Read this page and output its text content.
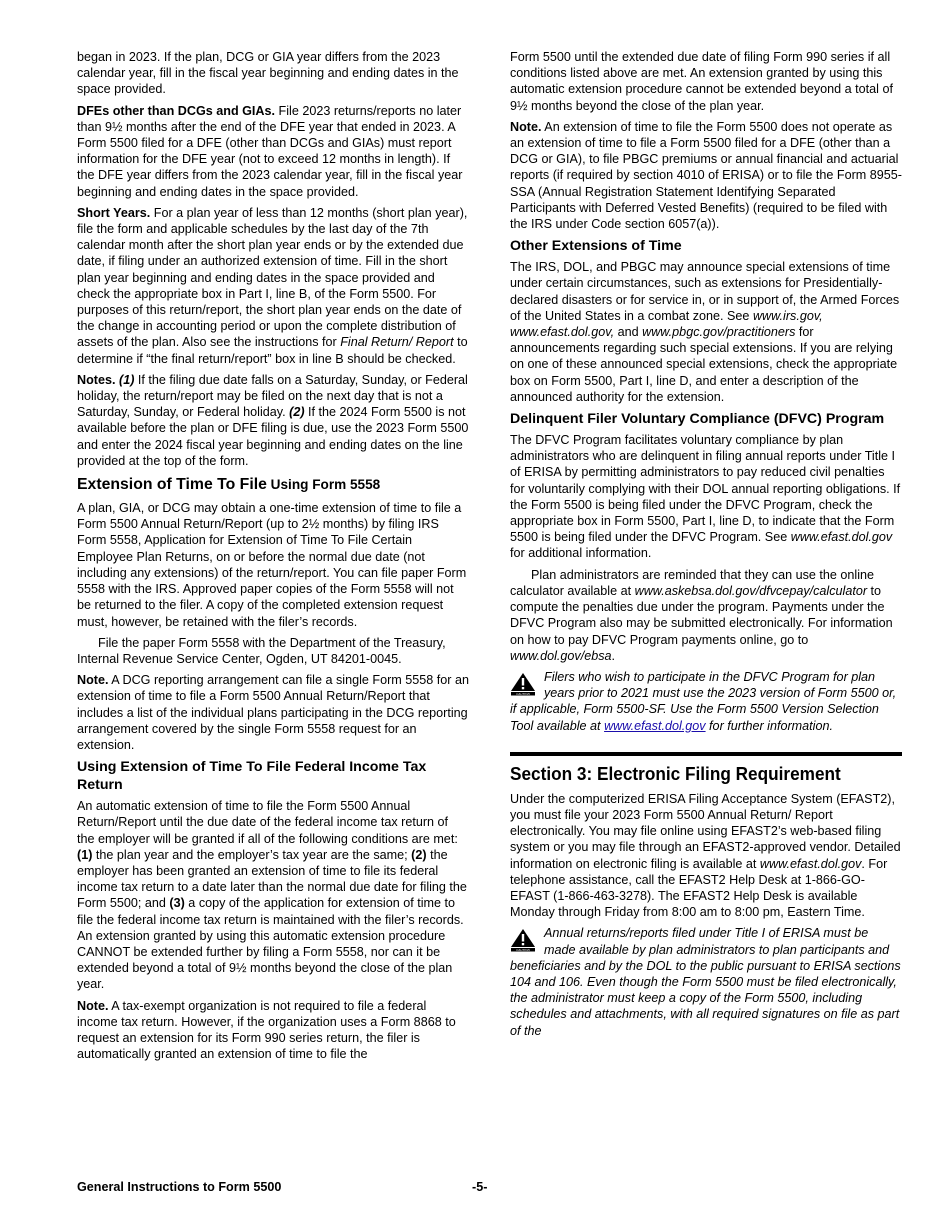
began in 2023. If the plan, DCG or GIA year differs from the 2023 calendar year, fill in the fiscal year beginning and ending dates in the space provided.

DFEs other than DCGs and GIAs. File 2023 returns/reports no later than 9½ months after the end of the DFE year that ended in 2023. A Form 5500 filed for a DFE (other than DCGs and GIAs) must report information for the DFE year (not to exceed 12 months in length). If the DFE year differs from the 2023 calendar year, fill in the fiscal year beginning and ending dates in the space provided.

Short Years. For a plan year of less than 12 months (short plan year), file the form and applicable schedules by the last day of the 7th calendar month after the short plan year ends or by the extended due date, if filing under an authorized extension of time. Fill in the short plan year beginning and ending dates in the space provided and check the appropriate box in Part I, line B, of the Form 5500. For purposes of this return/report, the short plan year ends on the date of the change in accounting period or upon the complete distribution of assets of the plan. Also see the instructions for Final Return/ Report to determine if “the final return/report” box in line B should be checked.

Notes. (1) If the filing due date falls on a Saturday, Sunday, or Federal holiday, the return/report may be filed on the next day that is not a Saturday, Sunday, or Federal holiday. (2) If the 2024 Form 5500 is not available before the plan or DFE filing is due, use the 2023 Form 5500 and enter the 2024 fiscal year beginning and ending dates on the line provided at the top of the form.

Extension of Time To File Using Form 5558

A plan, GIA, or DCG may obtain a one-time extension of time to file a Form 5500 Annual Return/Report (up to 2½ months) by filing IRS Form 5558, Application for Extension of Time To File Certain Employee Plan Returns, on or before the normal due date (not including any extensions) of the return/report. You can file paper Form 5558 with the IRS. Approved paper copies of the Form 5558 will not be returned to the filer. A copy of the completed extension request must, however, be retained with the filer’s records.

File the paper Form 5558 with the Department of the Treasury, Internal Revenue Service Center, Ogden, UT 84201-0045.

Note. A DCG reporting arrangement can file a single Form 5558 for an extension of time to file a Form 5500 Annual Return/Report that includes a list of the individual plans participating in the DCG reporting arrangement covered by the single Form 5558 request for an extension.

Using Extension of Time To File Federal Income Tax Return

An automatic extension of time to file the Form 5500 Annual Return/Report until the due date of the federal income tax return of the employer will be granted if all of the following conditions are met: (1) the plan year and the employer’s tax year are the same; (2) the employer has been granted an extension of time to file its federal income tax return to a date later than the normal due date for filing the Form 5500; and (3) a copy of the application for extension of time to file the federal income tax return is maintained with the filer’s records. An extension granted by using this automatic extension procedure CANNOT be extended further by filing a Form 5558, nor can it be extended beyond a total of 9½ months beyond the close of the plan year.

Note. A tax-exempt organization is not required to file a federal income tax return. However, if the organization uses a Form 8868 to request an extension for its Form 990 series return, the filer is automatically granted an extension of time to file the

Form 5500 until the extended due date of filing Form 990 series if all conditions listed above are met. An extension granted by using this automatic extension procedure cannot be extended beyond a total of 9½ months beyond the close of the plan year.

Note. An extension of time to file the Form 5500 does not operate as an extension of time to file a Form 5500 filed for a DFE (other than a DCG or GIA), to file PBGC premiums or annual financial and actuarial reports (if required by section 4010 of ERISA) or to file the Form 8955-SSA (Annual Registration Statement Identifying Separated Participants with Deferred Vested Benefits) (required to be filed with the IRS under Code section 6057(a)).

Other Extensions of Time

The IRS, DOL, and PBGC may announce special extensions of time under certain circumstances, such as extensions for Presidentially-declared disasters or for service in, or in support of, the Armed Forces of the United States in a combat zone. See www.irs.gov, www.efast.dol.gov, and www.pbgc.gov/practitioners for announcements regarding such special extensions. If you are relying on one of these announced special extensions, check the appropriate box on Form 5500, Part I, line D, and enter a description of the announced authority for the extension.

Delinquent Filer Voluntary Compliance (DFVC) Program

The DFVC Program facilitates voluntary compliance by plan administrators who are delinquent in filing annual reports under Title I of ERISA by permitting administrators to pay reduced civil penalties for voluntarily complying with their DOL annual reporting obligations. If the Form 5500 is being filed under the DFVC Program, check the appropriate box in Form 5500, Part I, line D, to indicate that the Form 5500 is being filed under the DFVC Program. See www.efast.dol.gov for additional information.

Plan administrators are reminded that they can use the online calculator available at www.askebsa.dol.gov/dfvcepay/calculator to compute the penalties due under the program. Payments under the DFVC Program also may be submitted electronically. For information on how to pay DFVC Program payments online, go to www.dol.gov/ebsa.

CAUTION
Filers who wish to participate in the DFVC Program for plan years prior to 2021 must use the 2023 version of Form 5500 or, if applicable, Form 5500-SF. Use the Form 5500 Version Selection Tool available at www.efast.dol.gov for further information.
Section 3: Electronic Filing Requirement

Under the computerized ERISA Filing Acceptance System (EFAST2), you must file your 2023 Form 5500 Annual Return/ Report electronically. You may file online using EFAST2’s web-based filing system or you may file through an EFAST2-approved vendor. Detailed information on electronic filing is available at www.efast.dol.gov. For telephone assistance, call the EFAST2 Help Desk at 1-866-GO-EFAST (1-866-463-3278). The EFAST2 Help Desk is available Monday through Friday from 8:00 am to 8:00 pm, Eastern Time.

CAUTION
Annual returns/reports filed under Title I of ERISA must be made available by plan administrators to plan participants and beneficiaries and by the DOL to the public pursuant to ERISA sections 104 and 106. Even though the Form 5500 must be filed electronically, the administrator must keep a copy of the Form 5500, including schedules and attachments, with all required signatures on file as part of the
General Instructions to Form 5500	-5-
